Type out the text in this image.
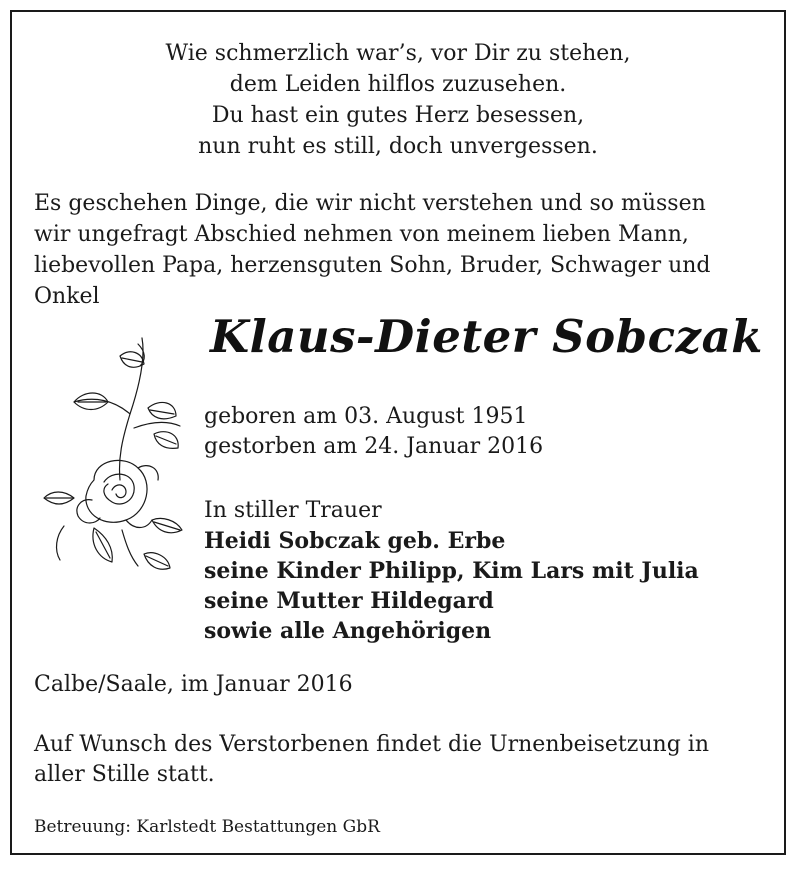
Wie schmerzlich war’s, vor Dir zu stehen,
dem Leiden hilflos zuzusehen.
Du hast ein gutes Herz besessen,
nun ruht es still, doch unvergessen.
Es geschehen Dinge, die wir nicht verstehen und so müssen
wir ungefragt Abschied nehmen von meinem lieben Mann,
liebevollen Papa, herzensguten Sohn, Bruder, Schwager und
Onkel
Klaus-Dieter Sobczak
geboren am 03. August 1951
gestorben am 24. Januar 2016
In stiller Trauer
Heidi Sobczak geb. Erbe
seine Kinder Philipp, Kim Lars mit Julia
seine Mutter Hildegard
sowie alle Angehörigen
Calbe/Saale, im Januar 2016
Auf Wunsch des Verstorbenen findet die Urnenbeisetzung in
aller Stille statt.
Betreuung: Karlstedt Bestattungen GbR
